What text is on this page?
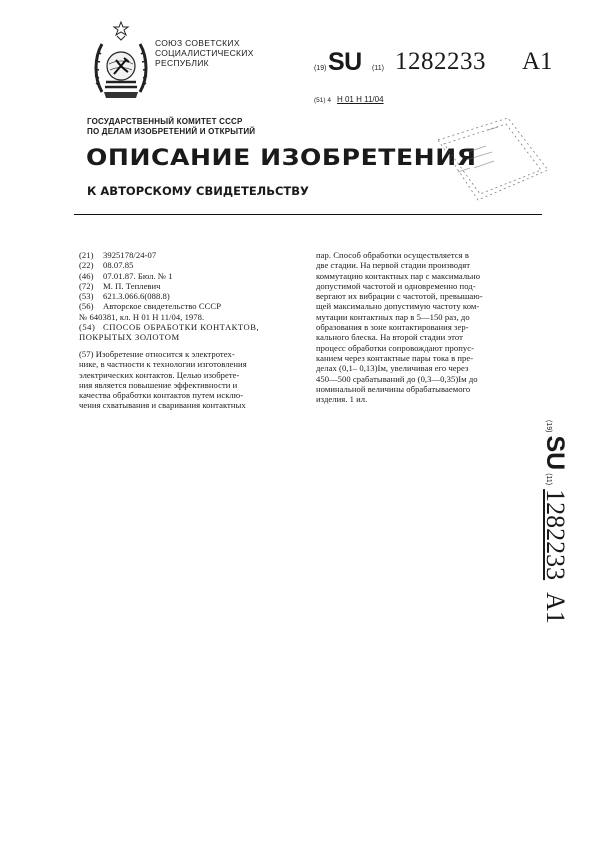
СОЮЗ СОВЕТСКИХ
СОЦИАЛИСТИЧЕСКИХ
РЕСПУБЛИК
(19) SU (11) 1282233 A1
(51) 4 Н 01 Н 11/04
ГОСУДАРСТВЕННЫЙ КОМИТЕТ СССР
ПО ДЕЛАМ ИЗОБРЕТЕНИЙ И ОТКРЫТИЙ
ОПИСАНИЕ ИЗОБРЕТЕНИЯ
К АВТОРСКОМУ СВИДЕТЕЛЬСТВУ
(21)	3925178/24-07
(22)	08.07.85
(46)	07.01.87. Бюл. № 1
(72)	М. П. Теплевич
(53)	621.3.066.6(088.8)
(56)	Авторское свидетельство СССР
№ 640381, кл. Н 01 Н 11/04, 1978.
(54) СПОСОБ ОБРАБОТКИ КОНТАКТОВ,
ПОКРЫТЫХ ЗОЛОТОМ
(57) Изобретение относится к электротех-
нике, в частности к технологии изготовления
электрических контактов. Целью изобрете-
ния является повышение эффективности и
качества обработки контактов путем исклю-
чения схватывания и сваривания контактных
пар. Способ обработки осуществляется в
две стадии. На первой стадии производят
коммутацию контактных пар с максимально
допустимой частотой и одновременно под-
вергают их вибрации с частотой, превышаю-
щей максимально допустимую частоту ком-
мутации контактных пар в 5—150 раз, до
образования в зоне контактирования зер-
кального блеска. На второй стадии этот
процесс обработки сопровождают пропус-
канием через контактные пары тока в пре-
делах (0,1– 0,13)Iм, увеличивая его через
450—500 срабатываний до (0,3—0,35)Iм до
номинальной величины обрабатываемого
изделия. 1 ил.
(19)SU(11)1282233A1
